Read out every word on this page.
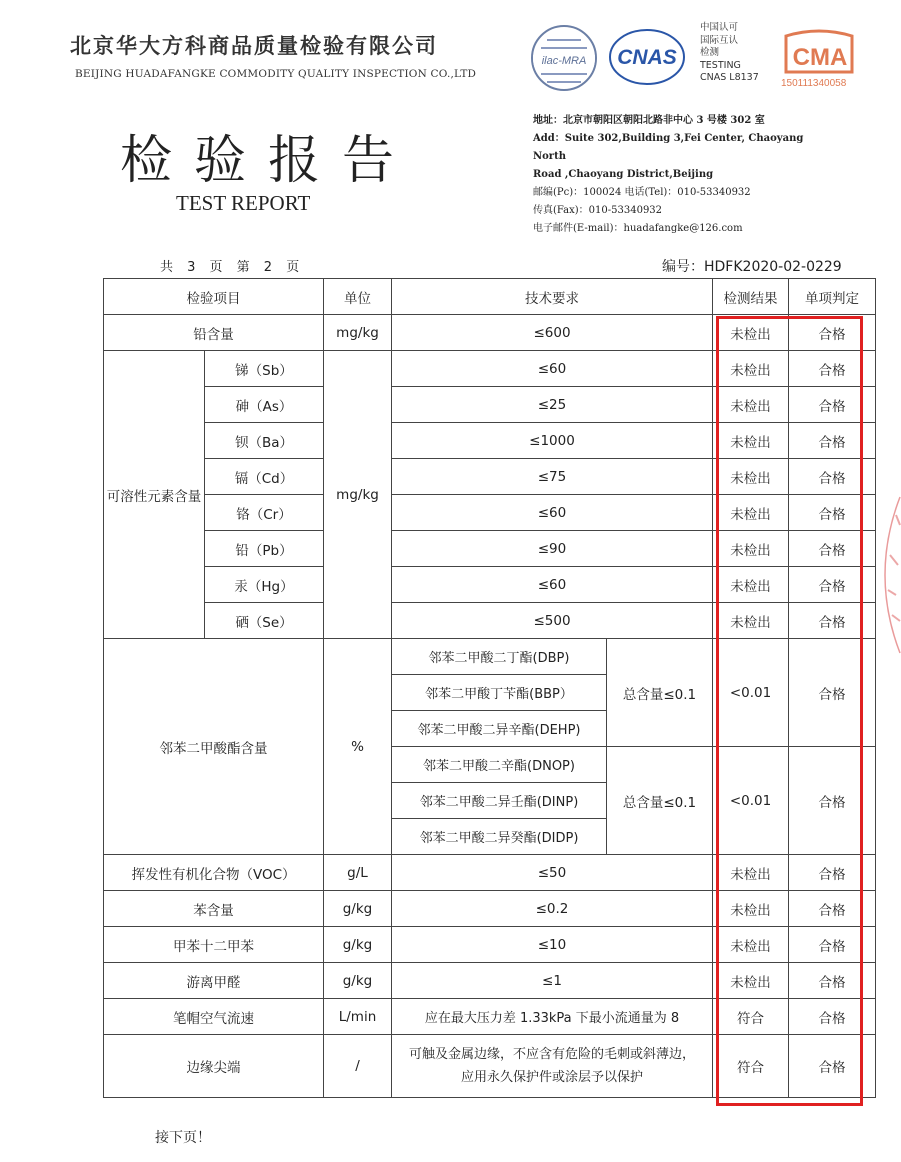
北京华大方科商品质量检验有限公司
BEIJING HUADAFANGKE COMMODITY QUALITY INSPECTION CO.,LTD
检验报告
TEST REPORT
ilac-MRA	CNAS
中国认可
国际互认
检测
TESTING
CNAS L8137
CMA
150111340058
地址：北京市朝阳区朝阳北路非中心 3 号楼 302 室
Add：Suite 302,Building 3,Fei Center, Chaoyang North
Road ,Chaoyang District,Beijing
邮编(Pc)：100024 电话(Tel)：010-53340932
传真(Fax)：010-53340932
电子邮件(E-mail)：huadafangke@126.com
共 3 页 第 2 页	编号：HDFK2020-02-0229
检验项目		单位	技术要求		检测结果	单项判定
铅含量		mg/kg	≤600		未检出	合格
可溶性元素含量	锑（Sb）	mg/kg	≤60		未检出	合格
	砷（As）		≤25		未检出	合格
	钡（Ba）		≤1000		未检出	合格
	镉（Cd）		≤75		未检出	合格
	铬（Cr）		≤60		未检出	合格
	铅（Pb）		≤90		未检出	合格
	汞（Hg）		≤60		未检出	合格
	硒（Se）		≤500		未检出	合格
邻苯二甲酸酯含量		%	邻苯二甲酸二丁酯(DBP)	总含量≤0.1	<0.01	合格
			邻苯二甲酸丁苄酯(BBP）			
			邻苯二甲酸二异辛酯(DEHP)			
			邻苯二甲酸二辛酯(DNOP)	总含量≤0.1	<0.01	合格
			邻苯二甲酸二异壬酯(DINP)			
			邻苯二甲酸二异癸酯(DIDP)			
挥发性有机化合物（VOC）		g/L	≤50		未检出	合格
苯含量		g/kg	≤0.2		未检出	合格
甲苯十二甲苯		g/kg	≤10		未检出	合格
游离甲醛		g/kg	≤1		未检出	合格
笔帽空气流速		L/min	应在最大压力差 1.33kPa 下最小流通量为 8		符合	合格
边缘尖端		/	可触及金属边缘，不应含有危险的毛刺或斜薄边，应用永久保护件或涂层予以保护		符合	合格
接下页！
